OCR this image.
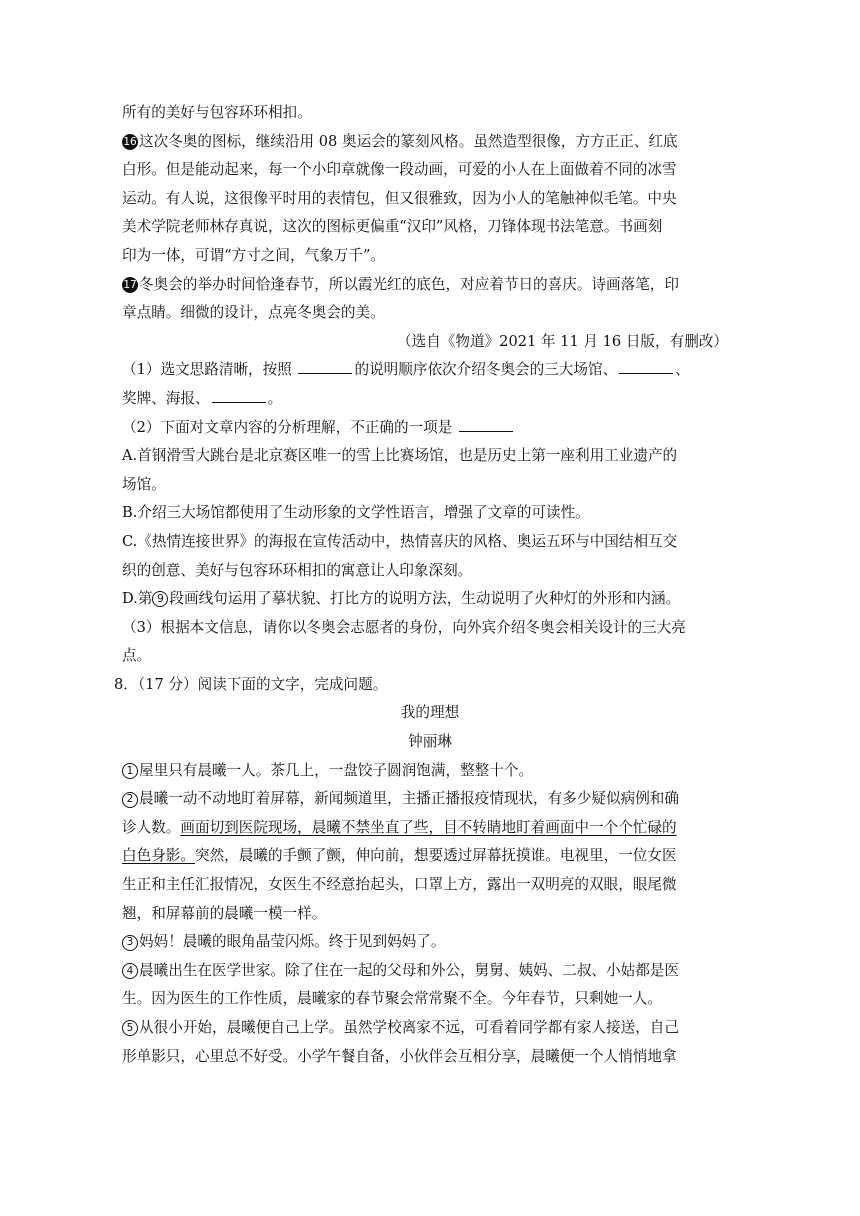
所有的美好与包容环环相扣。
16 这次冬奥的图标，继续沿用 08 奥运会的篆刻风格。虽然造型很像，方方正正、红底
白形。但是能动起来，每一个小印章就像一段动画，可爱的小人在上面做着不同的冰雪
运动。有人说，这很像平时用的表情包，但又很雅致，因为小人的笔触神似毛笔。中央
美术学院老师林存真说，这次的图标更偏重“汉印”风格，刀锋体现书法笔意。书画刻
印为一体，可谓“方寸之间，气象万千”。
17 冬奥会的举办时间恰逢春节，所以霞光红的底色，对应着节日的喜庆。诗画落笔，印
章点睛。细微的设计，点亮冬奥会的美。
（选自《物道》2021 年 11 月 16 日版，有删改）
（1）选文思路清晰，按照	的说明顺序依次介绍冬奥会的三大场馆、	、
奖牌、海报、	。
（2）下面对文章内容的分析理解，不正确的一项是
A.首钢滑雪大跳台是北京赛区唯一的雪上比赛场馆，也是历史上第一座利用工业遗产的
场馆。
B.介绍三大场馆都使用了生动形象的文学性语言，增强了文章的可读性。
C.《热情连接世界》的海报在宣传活动中，热情喜庆的风格、奥运五环与中国结相互交
织的创意、美好与包容环环相扣的寓意让人印象深刻。
D.第 9 段画线句运用了摹状貌、打比方的说明方法，生动说明了火种灯的外形和内涵。
（3）根据本文信息，请你以冬奥会志愿者的身份，向外宾介绍冬奥会相关设计的三大亮
点。
8．（17 分）阅读下面的文字，完成问题。
我的理想
钟丽琳
1 屋里只有晨曦一人。茶几上，一盘饺子圆润饱满，整整十个。
2 晨曦一动不动地盯着屏幕，新闻频道里，主播正播报疫情现状，有多少疑似病例和确
诊人数。画面切到医院现场，晨曦不禁坐直了些，目不转睛地盯着画面中一个个忙碌的
白色身影。突然，晨曦的手颤了颤，伸向前，想要透过屏幕抚摸谁。电视里，一位女医
生正和主任汇报情况，女医生不经意抬起头，口罩上方，露出一双明亮的双眼，眼尾微
翘，和屏幕前的晨曦一模一样。
3 妈妈！晨曦的眼角晶莹闪烁。终于见到妈妈了。
4 晨曦出生在医学世家。除了住在一起的父母和外公，舅舅、姨妈、二叔、小姑都是医
生。因为医生的工作性质，晨曦家的春节聚会常常聚不全。今年春节，只剩她一人。
5 从很小开始，晨曦便自己上学。虽然学校离家不远，可看着同学都有家人接送，自己
形单影只，心里总不好受。小学午餐自备，小伙伴会互相分享，晨曦便一个人悄悄地拿
